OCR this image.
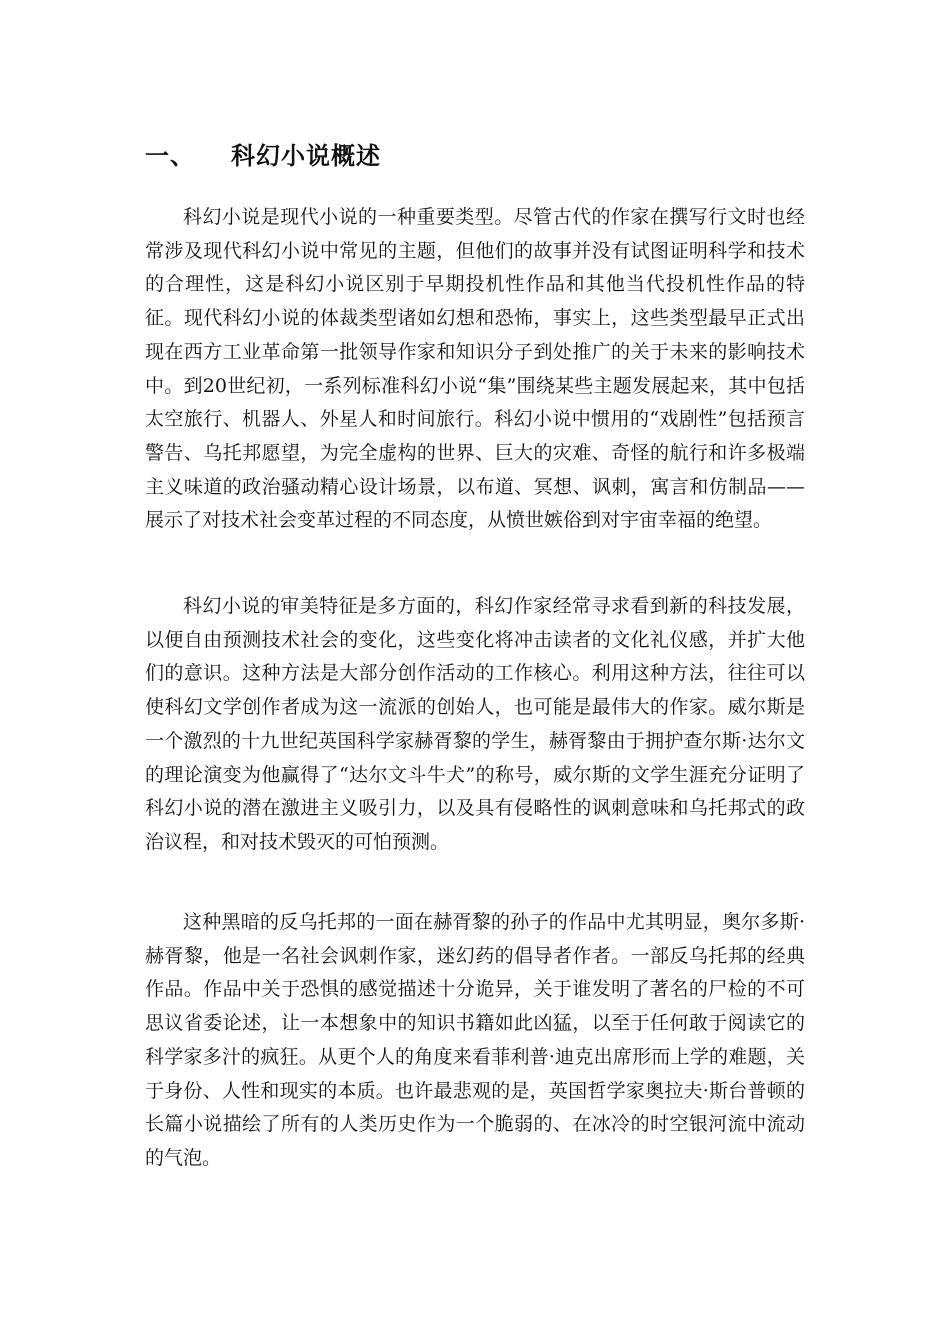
一、	科幻小说概述

科幻小说是现代小说的一种重要类型。尽管古代的作家在撰写行文时也经常涉及现代科幻小说中常见的主题，但他们的故事并没有试图证明科学和技术的合理性，这是科幻小说区别于早期投机性作品和其他当代投机性作品的特征。现代科幻小说的体裁类型诸如幻想和恐怖，事实上，这些类型最早正式出现在西方工业革命第一批领导作家和知识分子到处推广的关于未来的影响技术中。到20世纪初，一系列标准科幻小说“集”围绕某些主题发展起来，其中包括太空旅行、机器人、外星人和时间旅行。科幻小说中惯用的“戏剧性”包括预言警告、乌托邦愿望，为完全虚构的世界、巨大的灾难、奇怪的航行和许多极端主义味道的政治骚动精心设计场景，以布道、冥想、讽刺，寓言和仿制品——展示了对技术社会变革过程的不同态度，从愤世嫉俗到对宇宙幸福的绝望。

科幻小说的审美特征是多方面的，科幻作家经常寻求看到新的科技发展，以便自由预测技术社会的变化，这些变化将冲击读者的文化礼仪感，并扩大他们的意识。这种方法是大部分创作活动的工作核心。利用这种方法，往往可以使科幻文学创作者成为这一流派的创始人，也可能是最伟大的作家。威尔斯是一个激烈的十九世纪英国科学家赫胥黎的学生，赫胥黎由于拥护查尔斯·达尔文的理论演变为他赢得了“达尔文斗牛犬”的称号，威尔斯的文学生涯充分证明了科幻小说的潜在激进主义吸引力，以及具有侵略性的讽刺意味和乌托邦式的政治议程，和对技术毁灭的可怕预测。

这种黑暗的反乌托邦的一面在赫胥黎的孙子的作品中尤其明显，奥尔多斯·赫胥黎，他是一名社会讽刺作家，迷幻药的倡导者作者。一部反乌托邦的经典作品。作品中关于恐惧的感觉描述十分诡异，关于谁发明了著名的尸检的不可思议省委论述，让一本想象中的知识书籍如此凶猛，以至于任何敢于阅读它的科学家多汁的疯狂。从更个人的角度来看菲利普·迪克出席形而上学的难题，关于身份、人性和现实的本质。也许最悲观的是，英国哲学家奥拉夫·斯台普顿的长篇小说描绘了所有的人类历史作为一个脆弱的、在冰冷的时空银河流中流动的气泡。
